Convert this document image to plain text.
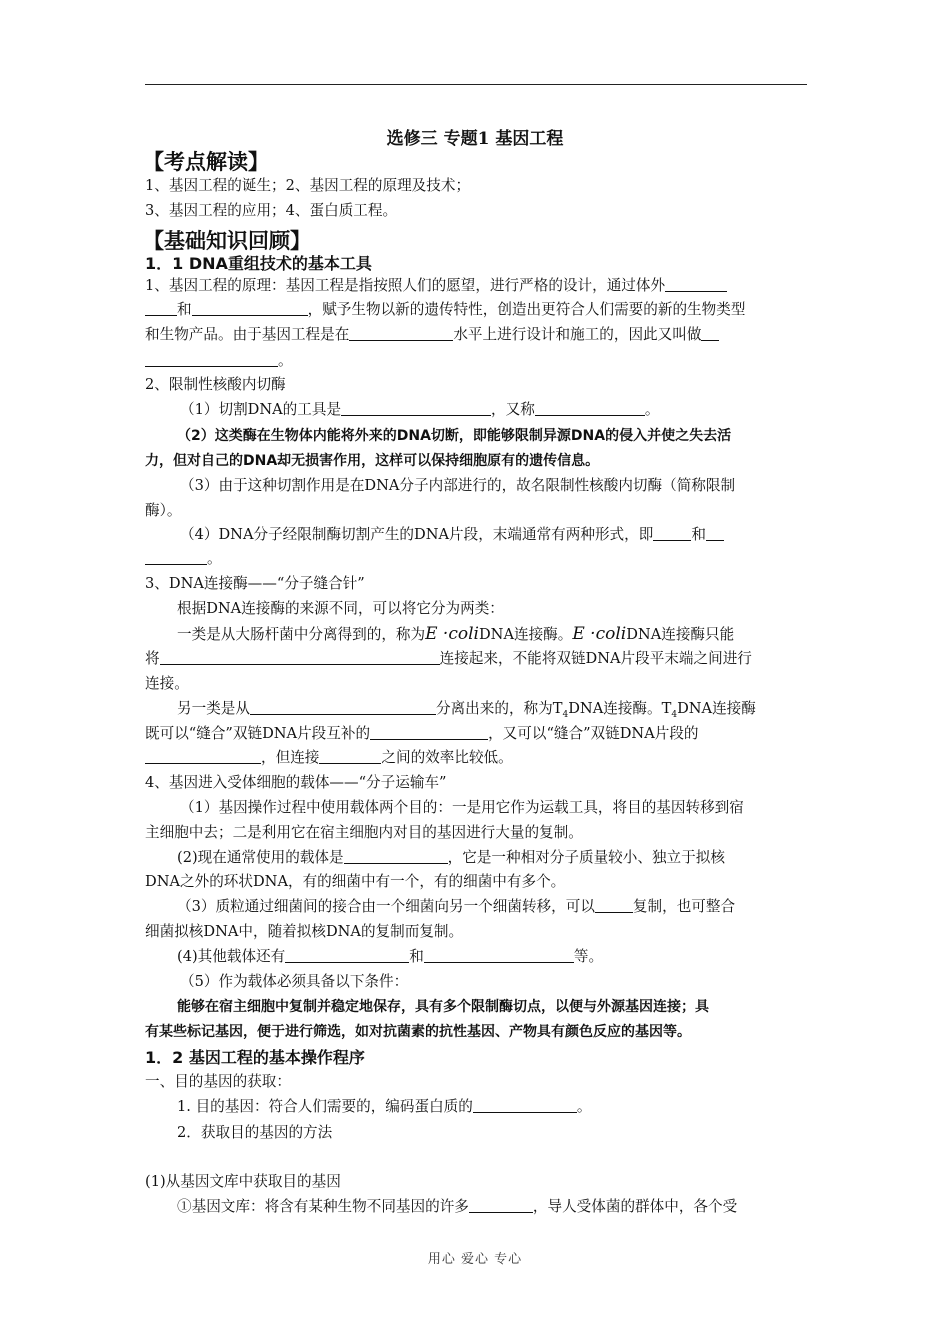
选修三 专题1 基因工程
【考点解读】
1、基因工程的诞生；2、基因工程的原理及技术；
3、基因工程的应用；4、蛋白质工程。
【基础知识回顾】
1．1 DNA重组技术的基本工具
1、基因工程的原理：基因工程是指按照人们的愿望，进行严格的设计，通过体外
和	，赋予生物以新的遗传特性，创造出更符合人们需要的新的生物类型
和生物产品。由于基因工程是在	水平上进行设计和施工的，因此又叫做
。
2、限制性核酸内切酶
（1）切割DNA的工具是	，又称	。
（2）这类酶在生物体内能将外来的DNA切断，即能够限制异源DNA的侵入并使之失去活
力，但对自己的DNA却无损害作用，这样可以保持细胞原有的遗传信息。
（3）由于这种切割作用是在DNA分子内部进行的，故名限制性核酸内切酶（简称限制
酶）。
（4）DNA分子经限制酶切割产生的DNA片段，末端通常有两种形式，即	和
。
3、DNA连接酶——“分子缝合针”
根据DNA连接酶的来源不同，可以将它分为两类：
一类是从大肠杆菌中分离得到的，称为E ·coliDNA连接酶。E ·coliDNA连接酶只能
将	连接起来，不能将双链DNA片段平末端之间进行
连接。
另一类是从	分离出来的，称为$T_4DNA$连接酶。$T_4DNA$连接酶
既可以“缝合”双链DNA片段互补的	，又可以“缝合”双链DNA片段的
，但连接	之间的效率比较低。
4、基因进入受体细胞的载体——“分子运输车”
（1）基因操作过程中使用载体两个目的：一是用它作为运载工具，将目的基因转移到宿
主细胞中去；二是利用它在宿主细胞内对目的基因进行大量的复制。
(2)现在通常使用的载体是	，它是一种相对分子质量较小、独立于拟核
DNA之外的环状DNA，有的细菌中有一个，有的细菌中有多个。
（3）质粒通过细菌间的接合由一个细菌向另一个细菌转移，可以	复制，也可整合
细菌拟核DNA中，随着拟核DNA的复制而复制。
(4)其他载体还有	和	等。
（5）作为载体必须具备以下条件：
能够在宿主细胞中复制并稳定地保存，具有多个限制酶切点，以便与外源基因连接；具
有某些标记基因，便于进行筛选，如对抗菌素的抗性基因、产物具有颜色反应的基因等。
1．2 基因工程的基本操作程序
一、目的基因的获取：
1. 目的基因：符合人们需要的，编码蛋白质的	。
2．获取目的基因的方法
(1)从基因文库中获取目的基因
①基因文库：将含有某种生物不同基因的许多	，导人受体菌的群体中，各个受
用心 爱心 专心
